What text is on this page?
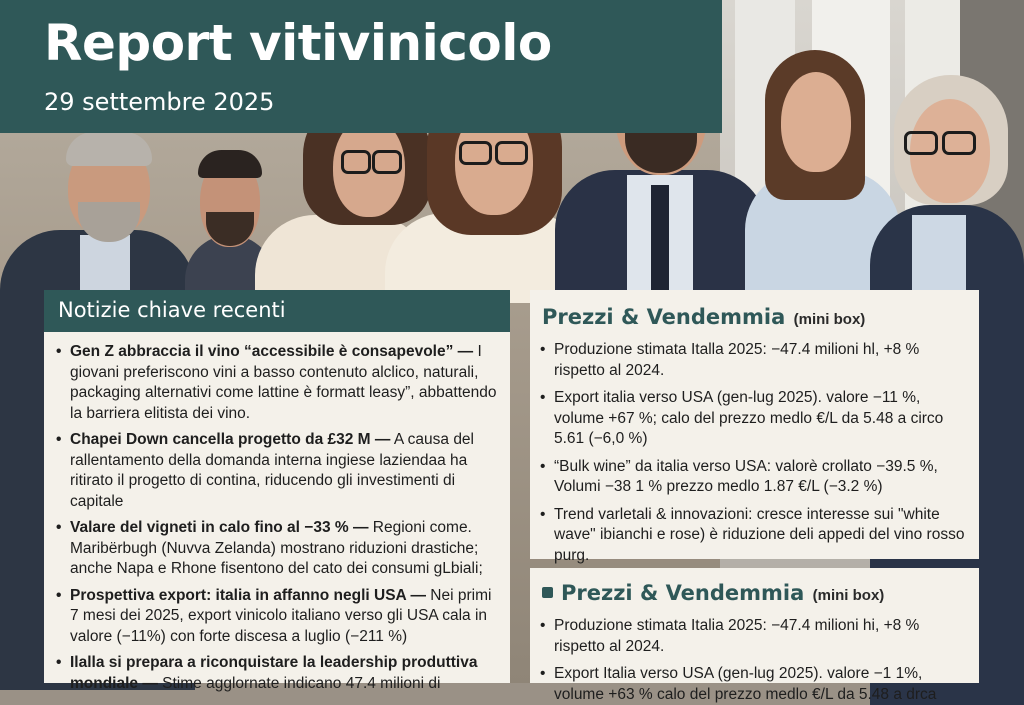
Report vitivinicolo

29 settembre 2025

Notizie chiave recenti
• Gen Z abbraccia il vino “accessibile è consapevole” — I giovani preferiscono vini a basso contenuto alclico, naturali, packaging alternativi come lattine è formatt leasy”, abbattendo la barriera elitista dei vino.
• Chapei Down cancella progetto da £32 M — A causa del rallentamento della domanda interna ingiese laziendaa ha ritirato il progetto di contina, riducendo gli investimenti di capitale
• Valare del vigneti in calo fino al −33 % — Regioni come. Maribërbugh (Nuvva Zelanda) mostrano riduzioni drastiche; anche Napa e Rhone fisentono del cato dei consumi gLbiali;
• Prospettiva export: italia in affanno negli USA — Nei primi 7 mesi dei 2025, export vinicolo italiano verso gli USA cala in valore (−11%) con forte discesa a luglio (−211 %)
• Ilalla si prepara a riconquistare la leadership produttiva mondiale — Stime agglornate indicano 47.4 milioni di
Prezzi & Vendemmia (mini box)
• Produzione stimata Italla 2025: −47.4 milioni hl, +8 % rispetto al 2024.
• Export italia verso USA (gen-lug 2025). valore −11 %, volume +67 %; calo del prezzo medlo €/L da 5.48 a circo 5.61 (−6,0 %)
• “Bulk wine” da italia verso USA: valorè crollato −39.5 %, Volumi −38 1 % prezzo medlo 1.87 €/L (−3.2 %)
• Trend varletali & innovazioni: cresce interesse sui "white wave" ibianchi e rose) è riduzione deli appedi del vino rosso purg.
Prezzi & Vendemmia (mini box)
• Produzione stimata Italia 2025: −47.4 milioni hi, +8 % rispetto al 2024.
• Export Italia verso USA (gen-lug 2025). valore −1 1%, volume +63 % calo del prezzo medlo €/L da 5.48 a drca
